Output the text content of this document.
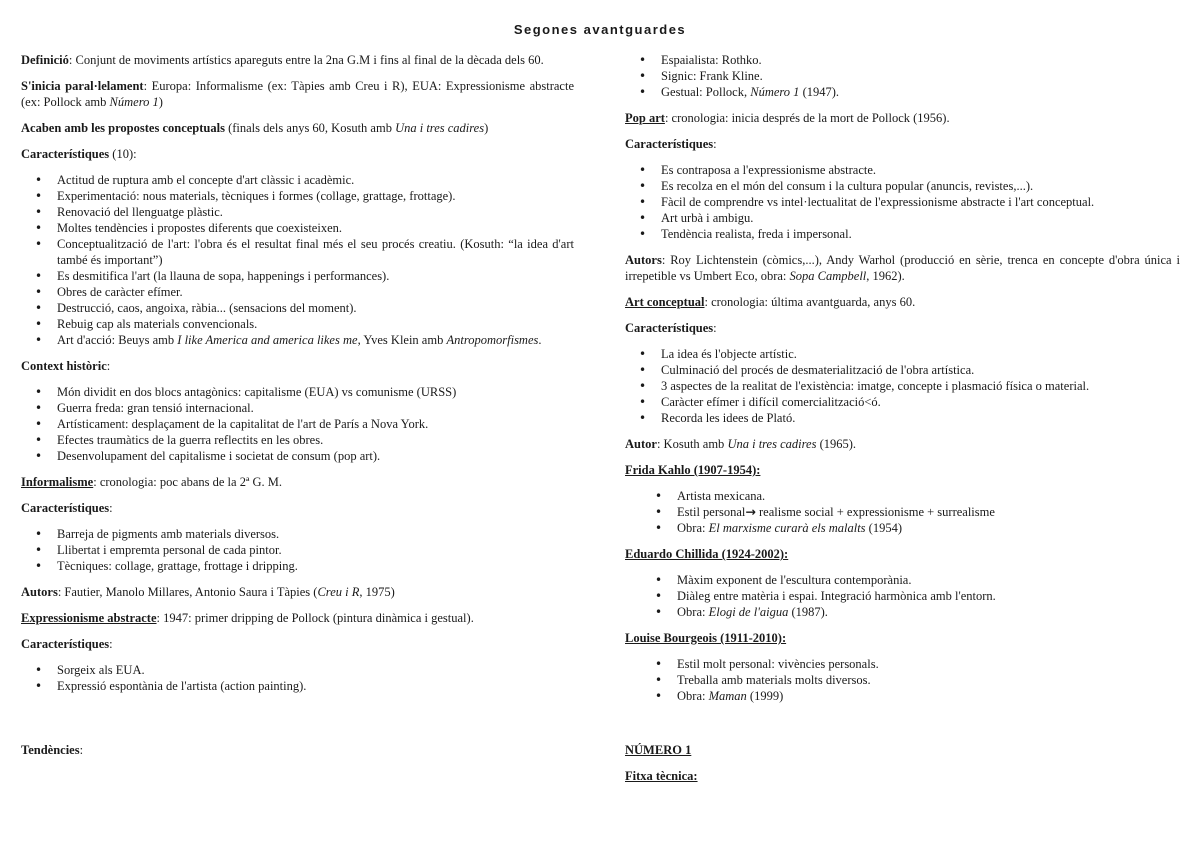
Segones avantguardes

Definició: Conjunt de moviments artístics apareguts entre la 2na G.M i fins al final de la dècada dels 60.

S'inicia paral·lelament: Europa: Informalisme (ex: Tàpies amb Creu i R), EUA: Expressionisme abstracte (ex: Pollock amb Número 1)

Acaben amb les propostes conceptuals (finals dels anys 60, Kosuth amb Una i tres cadires)

Característiques (10):

• Actitud de ruptura amb el concepte d'art clàssic i acadèmic.
• Experimentació: nous materials, tècniques i formes (collage, grattage, frottage).
• Renovació del llenguatge plàstic.
• Moltes tendències i propostes diferents que coexisteixen.
• Conceptualització de l'art: l'obra és el resultat final més el seu procés creatiu. (Kosuth: “la idea d'art també és important”)
• Es desmitifica l'art (la llauna de sopa, happenings i performances).
• Obres de caràcter efímer.
• Destrucció, caos, angoixa, ràbia... (sensacions del moment).
• Rebuig cap als materials convencionals.
• Art d'acció: Beuys amb I like America and america likes me, Yves Klein amb Antropomorfismes.

Context històric:

• Món dividit en dos blocs antagònics: capitalisme (EUA) vs comunisme (URSS)
• Guerra freda: gran tensió internacional.
• Artísticament: desplaçament de la capitalitat de l'art de París a Nova York.
• Efectes traumàtics de la guerra reflectits en les obres.
• Desenvolupament del capitalisme i societat de consum (pop art).

Informalisme: cronologia: poc abans de la 2ª G. M.

Característiques:

• Barreja de pigments amb materials diversos.
• Llibertat i empremta personal de cada pintor.
• Tècniques: collage, grattage, frottage i dripping.

Autors: Fautier, Manolo Millares, Antonio Saura i Tàpies (Creu i R, 1975)

Expressionisme abstracte: 1947: primer dripping de Pollock (pintura dinàmica i gestual).

Característiques:

• Sorgeix als EUA.
• Expressió espontània de l'artista (action painting).

Tendències:

• Espaialista: Rothko.
• Signic: Frank Kline.
• Gestual: Pollock, Número 1 (1947).

Pop art: cronologia: inicia després de la mort de Pollock (1956).

Característiques:

• Es contraposa a l'expressionisme abstracte.
• Es recolza en el món del consum i la cultura popular (anuncis, revistes,...).
• Fàcil de comprendre vs intel·lectualitat de l'expressionisme abstracte i l'art conceptual.
• Art urbà i ambigu.
• Tendència realista, freda i impersonal.

Autors: Roy Lichtenstein (còmics,...), Andy Warhol (producció en sèrie, trenca en concepte d'obra única i irrepetible vs Umbert Eco, obra: Sopa Campbell, 1962).

Art conceptual: cronologia: última avantguarda, anys 60.

Característiques:

• La idea és l'objecte artístic.
• Culminació del procés de desmaterialització de l'obra artística.
• 3 aspectes de la realitat de l'existència: imatge, concepte i plasmació física o material.
• Caràcter efímer i difícil comercialització<ó.
• Recorda les idees de Plató.

Autor: Kosuth amb Una i tres cadires (1965).

Frida Kahlo (1907-1954):

• Artista mexicana.
• Estil personal→ realisme social + expressionisme + surrealisme
• Obra: El marxisme curarà els malalts (1954)

Eduardo Chillida (1924-2002):

• Màxim exponent de l'escultura contemporània.
• Diàleg entre matèria i espai. Integració harmònica amb l'entorn.
• Obra: Elogi de l'aigua (1987).

Louise Bourgeois (1911-2010):

• Estil molt personal: vivències personals.
• Treballa amb materials molts diversos.
• Obra: Maman (1999)

NÚMERO 1

Fitxa tècnica:
